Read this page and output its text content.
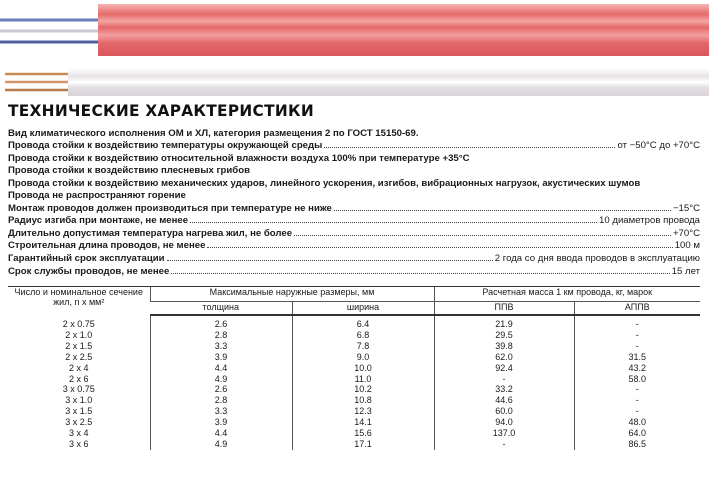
ТЕХНИЧЕСКИЕ ХАРАКТЕРИСТИКИ
Вид климатического исполнения ОМ и ХЛ, категория размещения 2 по ГОСТ 15150-69.
Провода стойки к воздействию температуры окружающей среды	от −50°С до +70°С
Провода стойки к воздействию относительной влажности воздуха 100% при температуре +35°С
Провода стойки к воздействию плесневых грибов
Провода стойки к воздействию механических ударов, линейного ускорения, изгибов, вибрационных нагрузок, акустических шумов
Провода не распространяют горение
Монтаж проводов должен производиться при температуре не ниже	−15°С
Радиус изгиба при монтаже, не менее	10 диаметров провода
Длительно допустимая температура нагрева жил, не более	+70°С
Строительная длина проводов, не менее	100 м
Гарантийный срок эксплуатации	2 года со дня ввода проводов в эксплуатацию
Срок службы проводов, не менее	15 лет
Число и номинальное сечение жил, n x мм²	Максимальные наружные размеры, мм		Расчетная масса 1 км провода, кг, марок	
	толщина	ширина	ППВ	АППВ
2 x 0.75	2.6	6.4	21.9	-
2 x 1.0	2.8	6.8	29.5	-
2 x 1.5	3.3	7.8	39.8	-
2 x 2.5	3.9	9.0	62.0	31.5
2 x 4	4.4	10.0	92.4	43.2
2 x 6	4.9	11.0	-	58.0
3 x 0.75	2.6	10.2	33.2	-
3 x 1.0	2.8	10.8	44.6	-
3 x 1.5	3.3	12.3	60.0	-
3 x 2.5	3.9	14.1	94.0	48.0
3 x 4	4.4	15.6	137.0	64.0
3 x 6	4.9	17.1	-	86.5
